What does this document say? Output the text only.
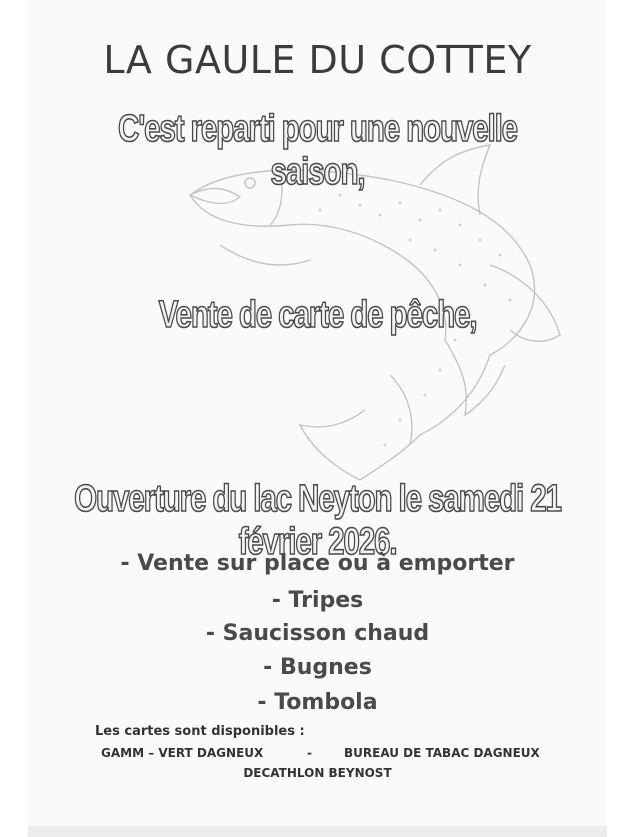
LA GAULE DU COTTEY
C'est reparti pour une nouvelle saison,
Vente de carte de pêche,
Ouverture du lac Neyton le samedi 21 février 2026.
- Vente sur place ou à emporter
- Tripes
- Saucisson chaud
- Bugnes
- Tombola
Les cartes sont disponibles :
GAMM – VERT DAGNEUX	-	BUREAU DE TABAC DAGNEUX
DECATHLON BEYNOST
